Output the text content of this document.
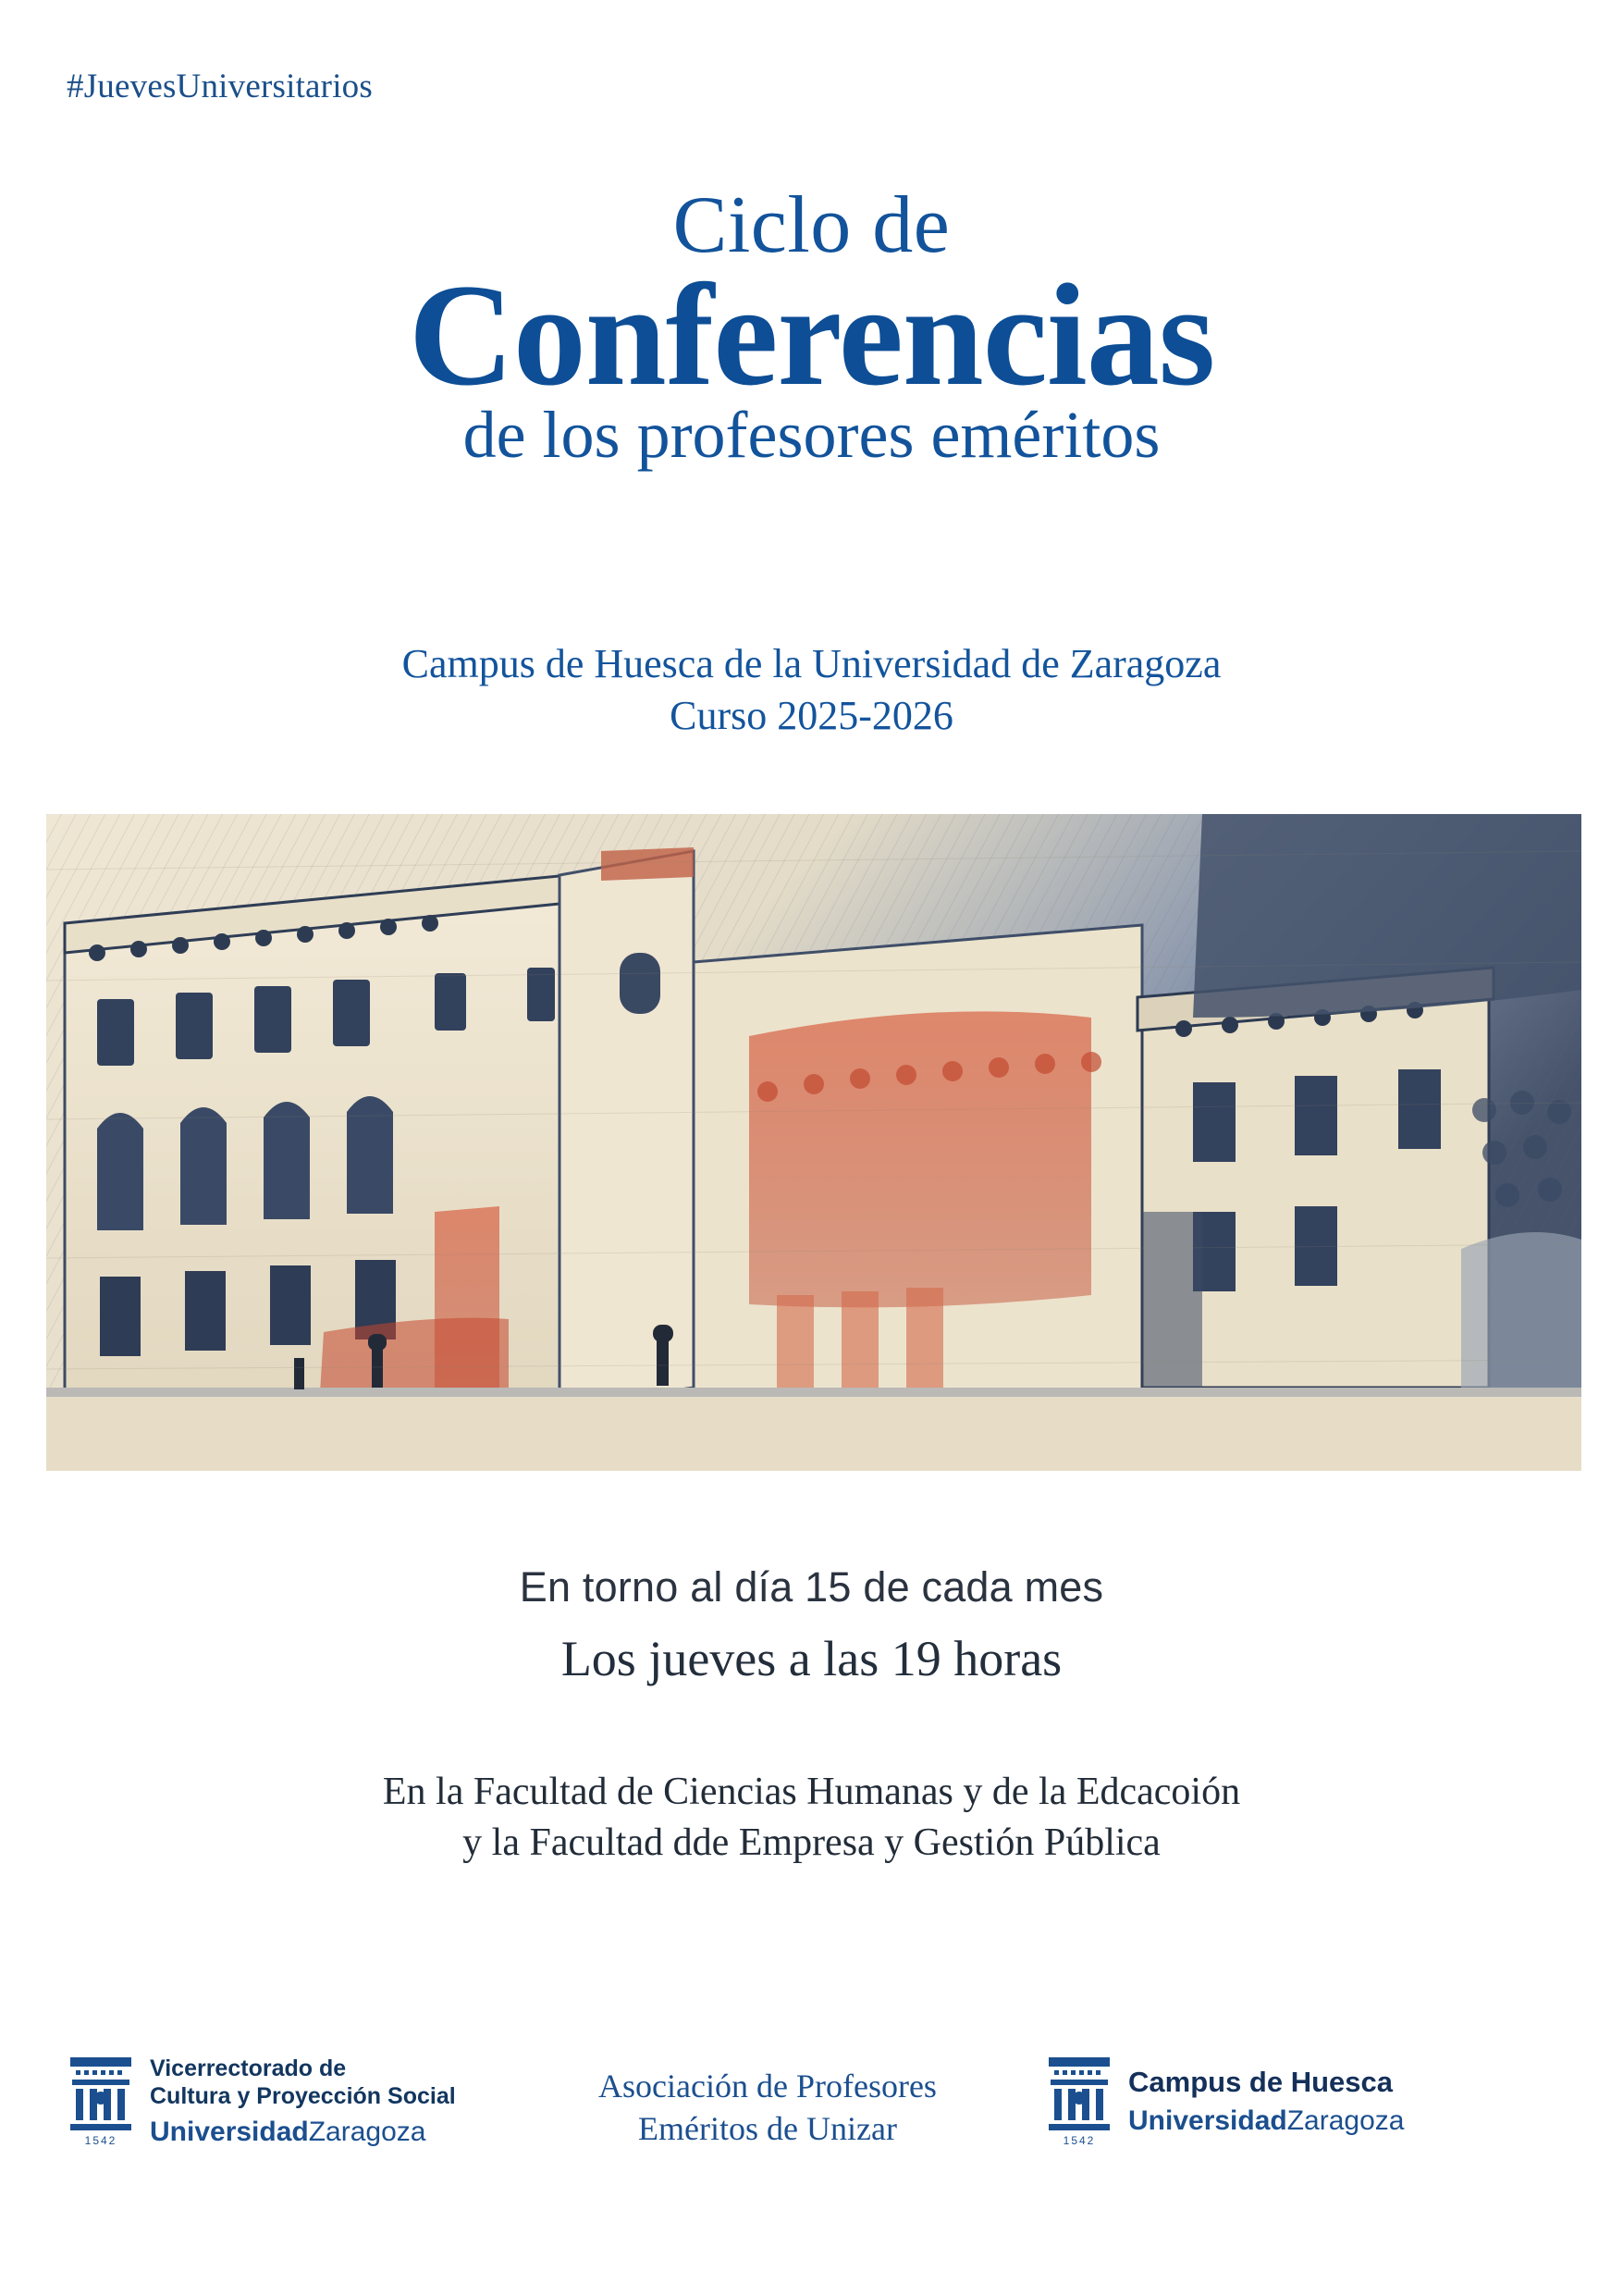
#JuevesUniversitarios
Ciclo de
Conferencias
de los profesores eméritos
Campus de Huesca de la Universidad de Zaragoza
Curso 2025-2026
En torno al día 15 de cada mes
Los jueves a las 19 horas
En la Facultad de Ciencias Humanas y de la Edcacoión
y la Facultad dde Empresa y Gestión Pública
1542
Vicerrectorado de
Cultura y Proyección Social
UniversidadZaragoza
Asociación de Profesores
Eméritos de Unizar	1542
Campus de Huesca
UniversidadZaragoza
